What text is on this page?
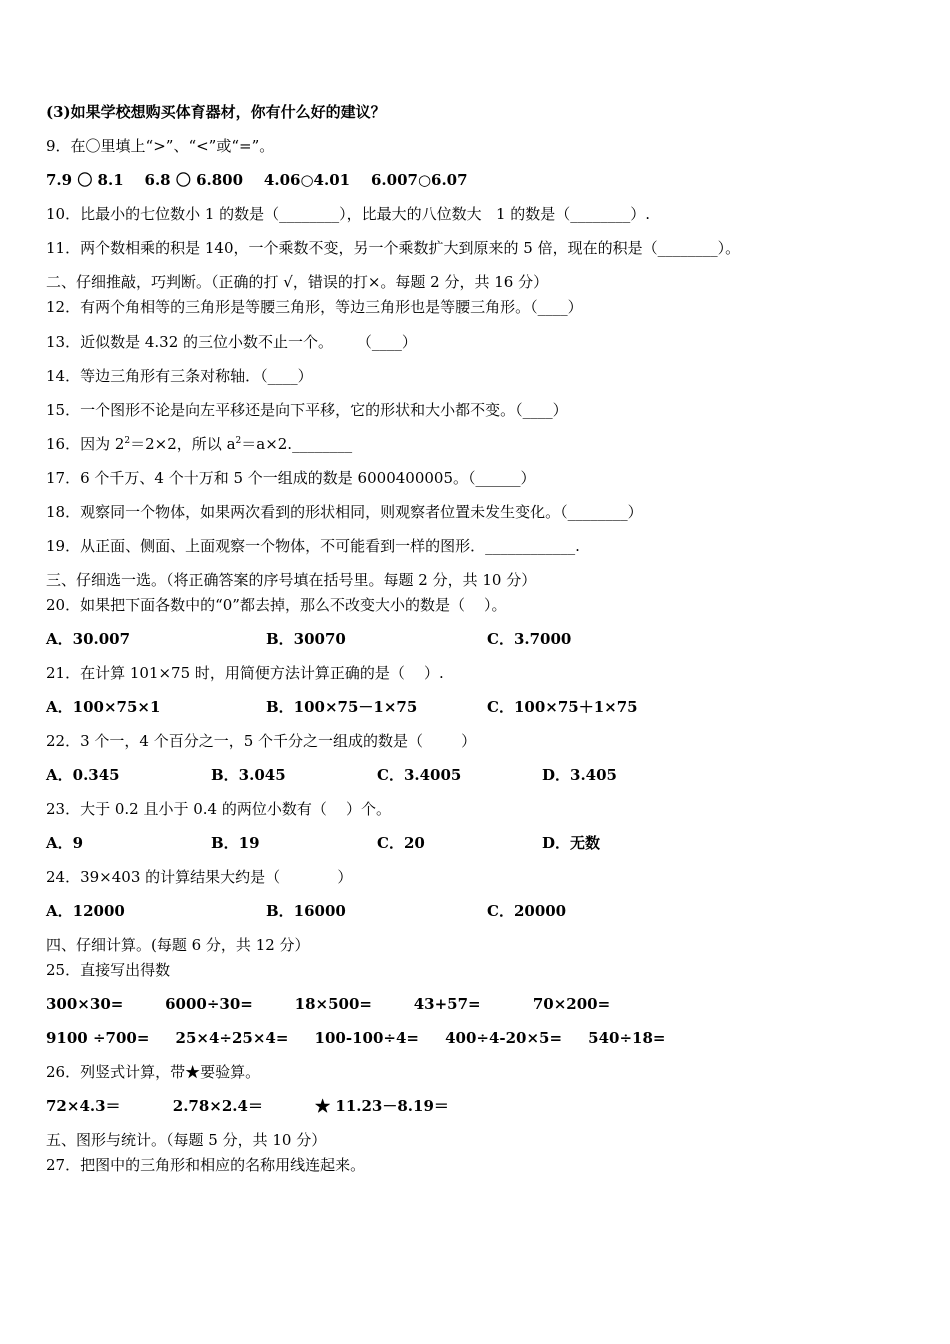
(3)如果学校想购买体育器材，你有什么好的建议？
9．在〇里填上“>”、“<”或“=”。
7.9 〇 8.1    6.8 〇 6.800    4.06○4.01    6.007○6.07
10．比最小的七位数小 1 的数是（________），比最大的八位数大   1 的数是（________）.
11．两个数相乘的积是 140，一个乘数不变，另一个乘数扩大到原来的 5 倍，现在的积是（________）。
二、仔细推敲，巧判断。（正确的打 √，错误的打×。每题 2 分，共 16 分）
12．有两个角相等的三角形是等腰三角形，等边三角形也是等腰三角形。（____）
13．近似数是 4.32 的三位小数不止一个。     （____）
14．等边三角形有三条对称轴．（____）
15．一个图形不论是向左平移还是向下平移，它的形状和大小都不变。（____）
16．因为 $2^2=2\times 2$，所以 $a^2=a\times 2.\_\_\_\_\_\_\_\_$
17．6 个千万、4 个十万和 5 个一组成的数是 6000400005。（______）
18．观察同一个物体，如果两次看到的形状相同，则观察者位置未发生变化。（________）
19．从正面、侧面、上面观察一个物体，不可能看到一样的图形．____________.
三、仔细选一选。（将正确答案的序号填在括号里。每题 2 分，共 10 分）
20．如果把下面各数中的“0”都去掉，那么不改变大小的数是（    ）。
A．30.007	B．30070	C．3.7000
21．在计算 101×75 时，用简便方法计算正确的是（    ）.
A．100×75×1	B．100×75－1×75	C．100×75＋1×75
22．3 个一，4 个百分之一，5 个千分之一组成的数是（        ）
A．0.345	B．3.045	C．3.4005	D．3.405
23．大于 0.2 且小于 0.4 的两位小数有（    ）个。
A．9	B．19	C．20	D．无数
24．39×403 的计算结果大约是（            ）
A．12000	B．16000	C．20000
四、仔细计算。(每题 6 分，共 12 分）
25．直接写出得数
300×30=        6000÷30=        18×500=        43+57=          70×200=
9100 ÷700=     25×4÷25×4=     100-100÷4=     400÷4-20×5=     540÷18=
26．列竖式计算，带★要验算。
72×4.3＝          2.78×2.4＝          ★ 11.23－8.19＝
五、图形与统计。（每题 5 分，共 10 分）
27．把图中的三角形和相应的名称用线连起来。
